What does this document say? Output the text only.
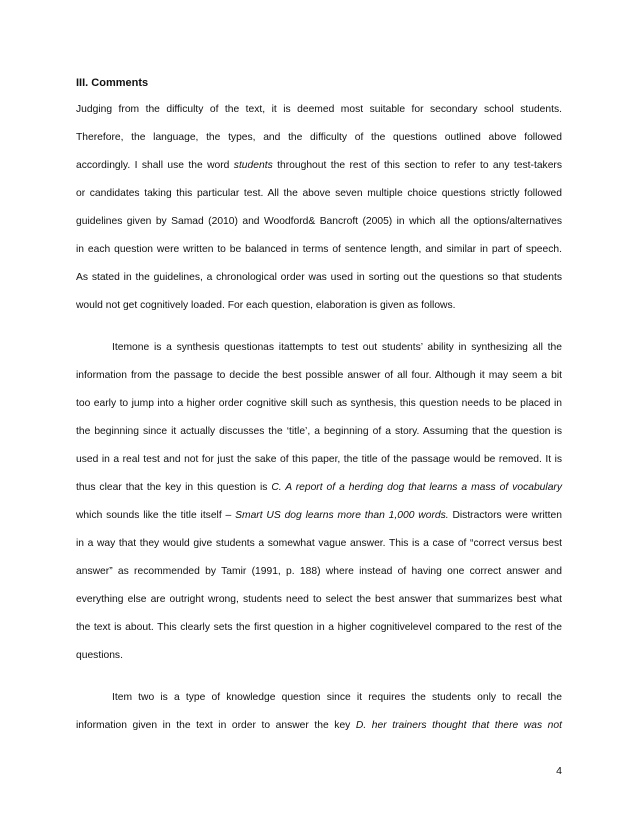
III. Comments
Judging from the difficulty of the text, it is deemed most suitable for secondary school students.
Therefore, the language, the types, and the difficulty of the questions outlined above followed
accordingly. I shall use the word students throughout the rest of this section to refer to any test-takers
or candidates taking this particular test. All the above seven multiple choice questions strictly followed
guidelines given by Samad (2010) and Woodford& Bancroft (2005) in which all the options/alternatives
in each question were written to be balanced in terms of sentence length, and similar in part of speech.
As stated in the guidelines, a chronological order was used in sorting out the questions so that students
would not get cognitively loaded. For each question, elaboration is given as follows.
Itemone is a synthesis questionas itattempts to test out students’ ability in synthesizing all the
information from the passage to decide the best possible answer of all four. Although it may seem a bit
too early to jump into a higher order cognitive skill such as synthesis, this question needs to be placed in
the beginning since it actually discusses the ‘title’, a beginning of a story. Assuming that the question is
used in a real test and not for just the sake of this paper, the title of the passage would be removed. It is
thus clear that the key in this question is C. A report of a herding dog that learns a mass of vocabulary
which sounds like the title itself – Smart US dog learns more than 1,000 words. Distractors were written
in a way that they would give students a somewhat vague answer. This is a case of “correct versus best
answer” as recommended by Tamir (1991, p. 188) where instead of having one correct answer and
everything else are outright wrong, students need to select the best answer that summarizes best what
the text is about. This clearly sets the first question in a higher cognitivelevel compared to the rest of the
questions.
Item two is a type of knowledge question since it requires the students only to recall the
information given in the text in order to answer the key D. her trainers thought that there was not
4
